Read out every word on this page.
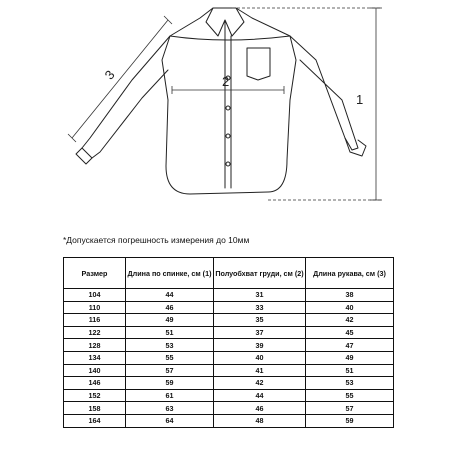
1
2
3
*Допускается погрешность измерения до 10мм
Размер	Длина по спинке, см (1)	Полуобхват груди, см (2)	Длина рукава, см (3)
104	44	31	38
110	46	33	40
116	49	35	42
122	51	37	45
128	53	39	47
134	55	40	49
140	57	41	51
146	59	42	53
152	61	44	55
158	63	46	57
164	64	48	59
